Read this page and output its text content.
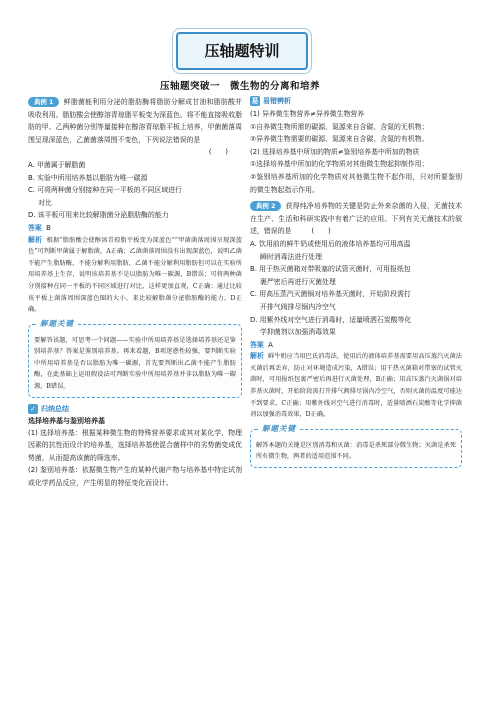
压轴题特训
压轴题突破一　微生物的分离和培养

典例 1 鲜脂菌能利用分泌的脂肪酶将脂肪分解成甘油和脂肪酸并吸收利用。脂肪酸会使醇溶青琼脂平板变为深蓝色。将不能直接吸收脂肪的甲、乙两种菌分别等量接种在醇溶青琼脂平板上培养，甲菌菌落周围呈现深蓝色，乙菌菌落周围不变色，下列说法错误的是

(　　)

A. 甲菌属于解脂菌

B. 实验中所用培养基以脂肪为唯一碳源

C. 可将两种菌分别接种在同一平板的不同区域进行

对比

D. 该平板可用来比较解脂菌分泌脂肪酶的能力

答案 B

解析 根据“脂肪酸会使醇溶青琼脂平板变为深蓝色”“甲菌菌落周围呈现深蓝色”可判断甲菌属于解脂菌，A正确；乙菌菌落周围没有出现深蓝色，说明乙菌不能产生脂肪酶，不能分解利用脂肪，乙菌不能分解利用脂肪但可以在实验所用培养基上生存，说明该培养基不是以脂肪为唯一碳源，B错误；可将两种菌分别接种在同一平板的不同区域进行对比，这样更加直观，C正确；通过比较该平板上菌落周围深蓝色圈的大小，来比较解脂菌分泌脂肪酶的能力，D正确。

解题关键

要解答该题，可思考一个问题——实验中所用培养基是选择培养基还是鉴别培养基？答案是鉴别培养基。再来看题，B项迷惑性较强，要判断实验中所用培养基是否以脂肪为唯一碳源，首先要判断出乙菌不能产生脂肪酶，在此基础上运用假设法可判断实验中所用培养基并非以脂肪为唯一碳源，B错误。

✓ 归纳总结

选择培养基与鉴别培养基

(1) 选择培养基：根据某种微生物的特殊营养要求或其对某化学、物理因素的抗性而设计的培养基，选择培养基使混合菌样中的劣势菌变成优势菌，从而提高该菌的筛选率。

(2) 鉴别培养基：依据微生物产生的某种代谢产物与培养基中特定试剂或化学药品反应，产生明显的特征变化而设计。

易 易错辨析

(1) 异养微生物营养≠异养微生物营养

①自养微生物所需的碳源、氮源来自含碳、含氮的无机物；

②异养微生物需要的碳源、氮源来自含碳、含氮的有机物。

(2) 选择培养基中所加的物质≠鉴别培养基中所加的物质

①选择培养基中所加的化学物质对其他微生物起抑制作用；

②鉴别培养基所加的化学物质对其他微生物不起作用，只对所要鉴别的微生物起指示作用。

典例 2 获得纯净培养物的关键是防止外来杂菌的入侵，无菌技术在生产、生活和科研实践中有着广泛的应用。下列有关无菌技术的叙述，错误的是	(　　)

A. 饮用前的鲜牛奶或使用后的液体培养基均可用高温

瞬时消毒法进行处理

B. 用于热灭菌箱对带吸塞的试管灭菌时，可用报纸包

裹严密后再进行灭菌处理

C. 用高压蒸汽灭菌锅对培养基灭菌时，开始阶段需打

开排气阀排尽锅内冷空气

D. 用紫外线对空气进行消毒时，适量喷洒石炭酸等化

学抑菌剂以加强消毒效果

答案 A

解析 鲜牛奶应当用巴氏消毒法，使用后的液体培养基需要用高压蒸汽灭菌法灭菌后再丢弃，防止对环境造成污染，A错误；用干热灭菌箱对带塞的试管灭菌时，可用报纸包裹严密后再进行灭菌处理，B正确；用高压蒸汽灭菌锅对培养基灭菌时，开始阶段需打开排气阀排尽锅内冷空气，否则灭菌的温度可能达不到要求，C正确；用紫外线对空气进行消毒时，适量喷洒石炭酸等化学抑菌剂以加强消毒效果，D正确。

解题关键

解答本题的关键是区别消毒和灭菌：消毒是杀死部分微生物；灭菌是杀死所有微生物，两者的适用范围不同。
